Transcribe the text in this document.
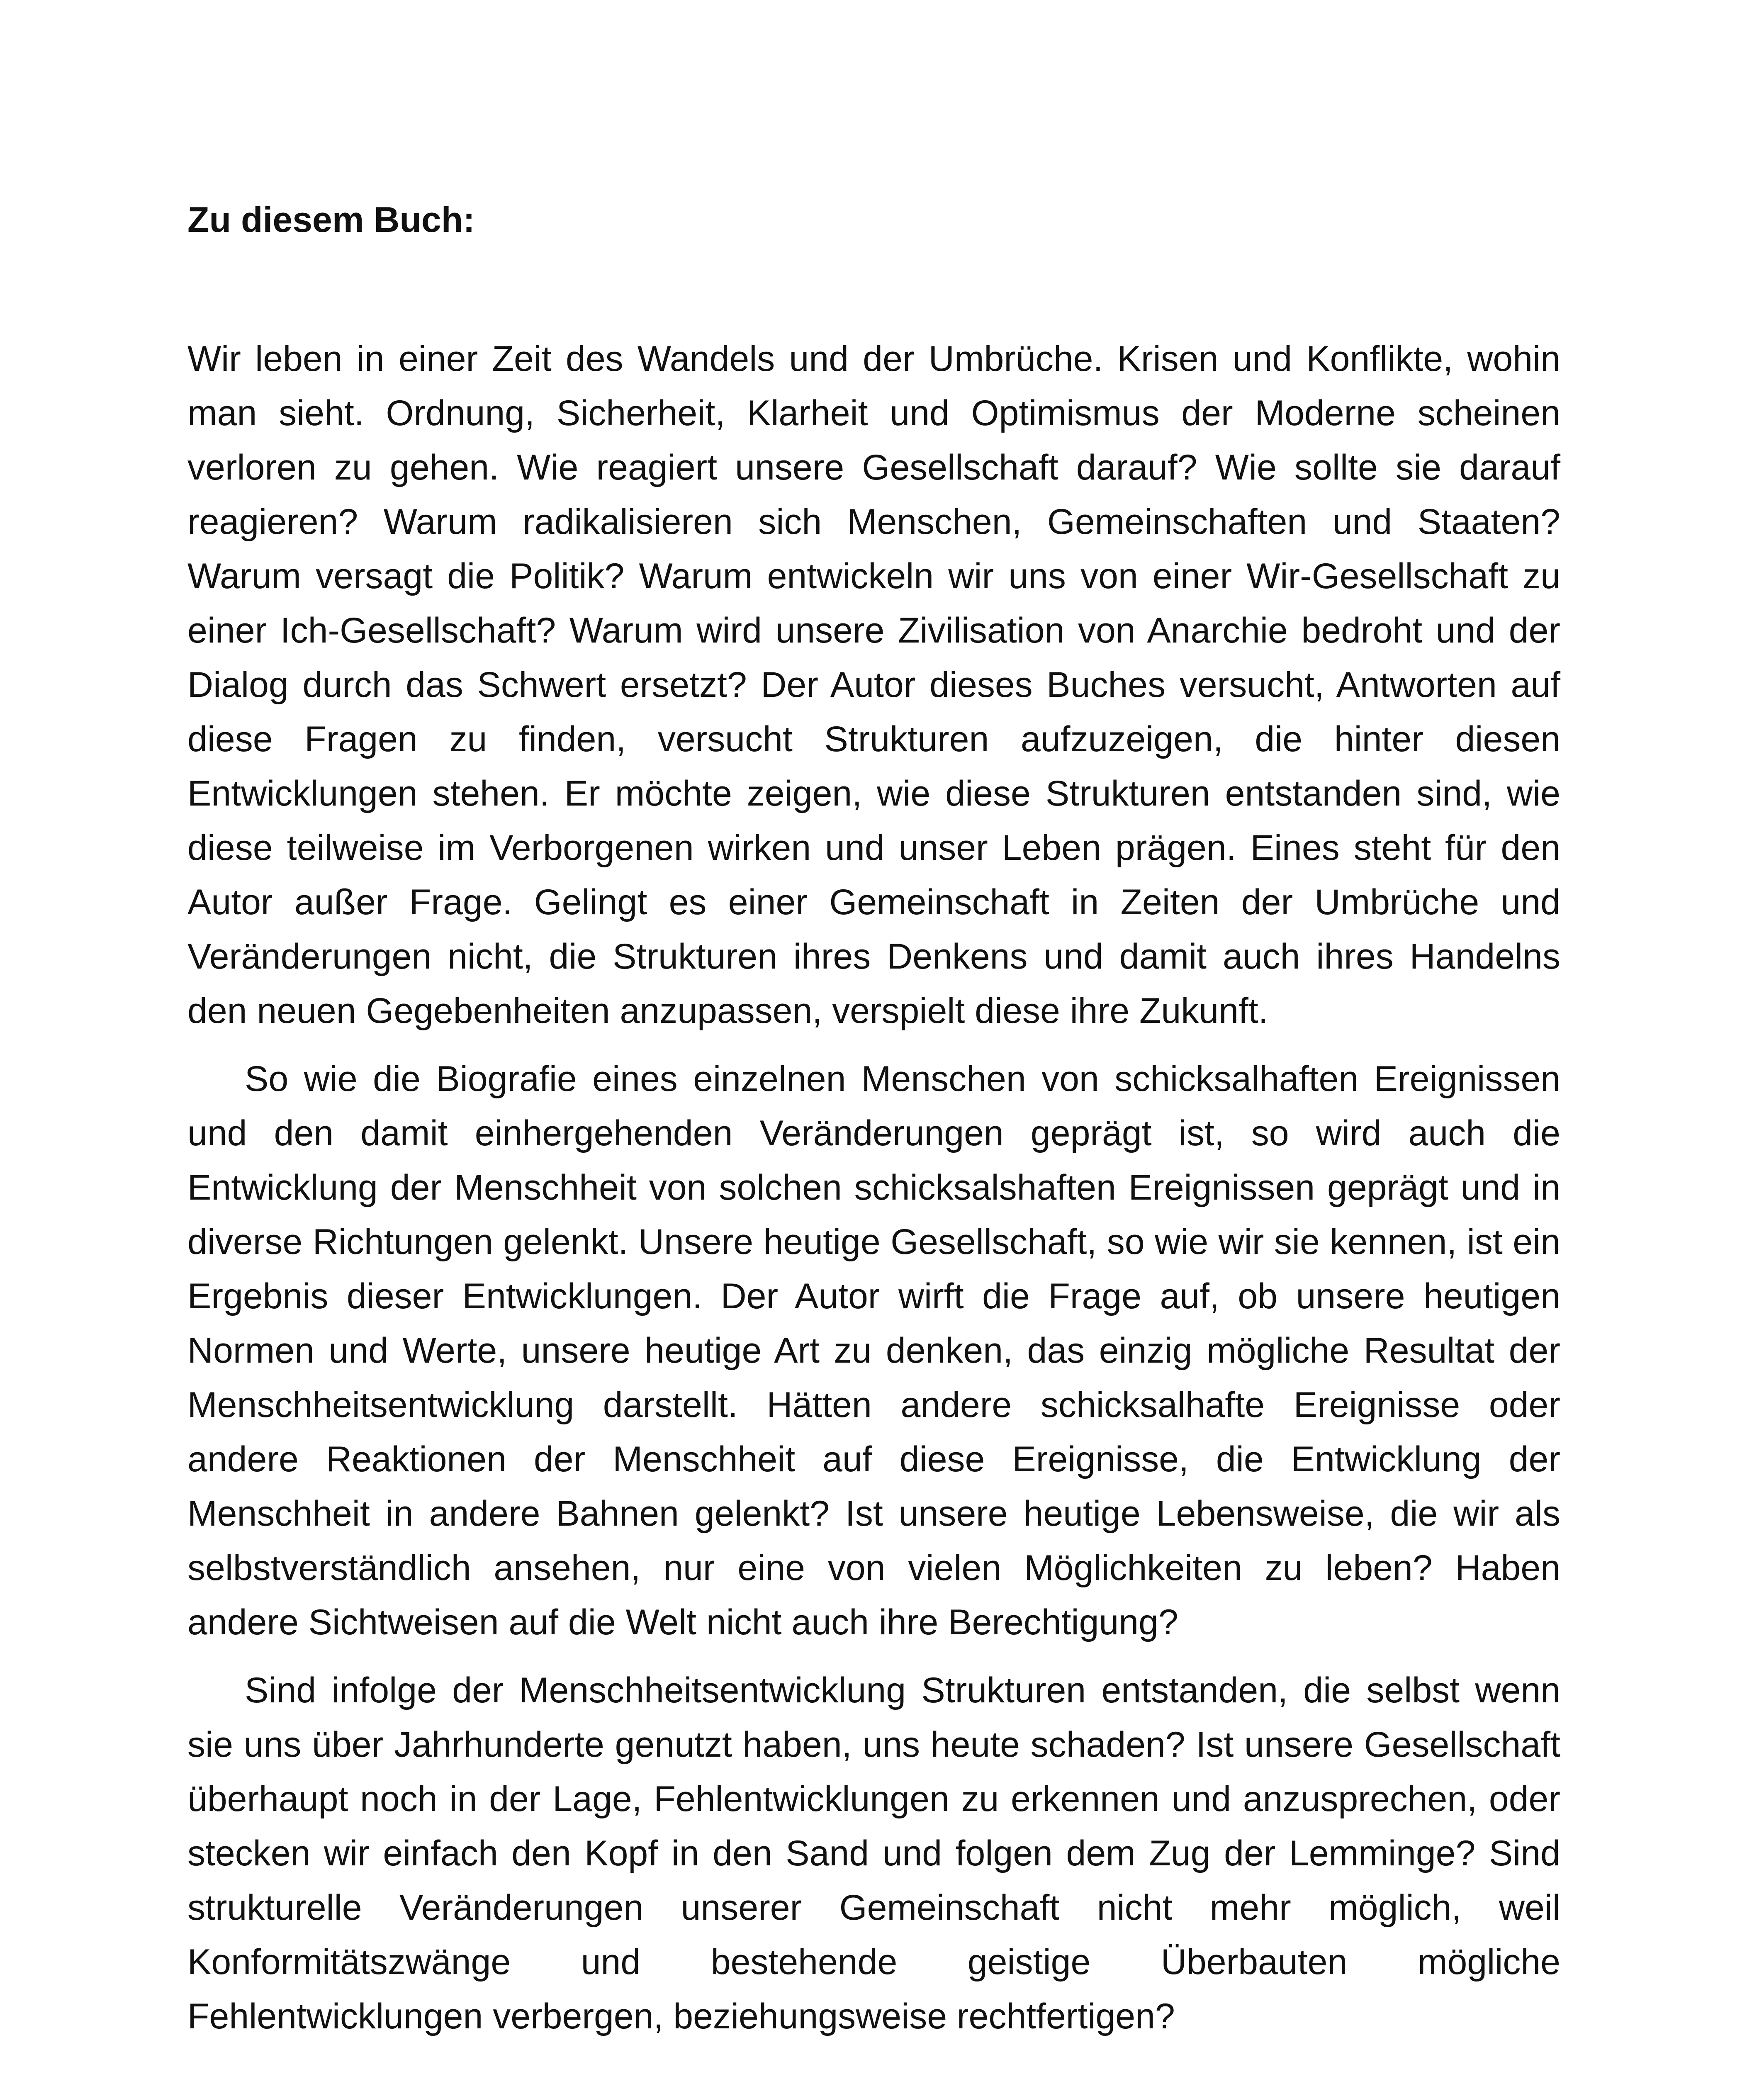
Zu diesem Buch:

Wir leben in einer Zeit des Wandels und der Umbrüche. Krisen und Konflikte, wohin man sieht. Ordnung, Sicherheit, Klarheit und Optimismus der Moderne scheinen verloren zu gehen. Wie reagiert unsere Gesellschaft darauf? Wie sollte sie darauf reagieren? Warum radikalisieren sich Menschen, Gemeinschaften und Staaten? Warum versagt die Politik? Warum entwickeln wir uns von einer Wir-Gesellschaft zu einer Ich-Gesellschaft? Warum wird unsere Zivilisation von Anarchie bedroht und der Dialog durch das Schwert ersetzt? Der Autor dieses Buches versucht, Antworten auf diese Fragen zu finden, versucht Strukturen aufzuzeigen, die hinter diesen Entwicklungen stehen. Er möchte zeigen, wie diese Strukturen entstanden sind, wie diese teilweise im Verborgenen wirken und unser Leben prägen. Eines steht für den Autor außer Frage. Gelingt es einer Gemeinschaft in Zeiten der Umbrüche und Veränderungen nicht, die Strukturen ihres Denkens und damit auch ihres Handelns den neuen Gegebenheiten anzupassen, verspielt diese ihre Zukunft.

So wie die Biografie eines einzelnen Menschen von schicksalhaften Ereignissen und den damit einhergehenden Veränderungen geprägt ist, so wird auch die Entwicklung der Menschheit von solchen schicksalshaften Ereignissen geprägt und in diverse Richtungen gelenkt. Unsere heutige Gesellschaft, so wie wir sie kennen, ist ein Ergebnis dieser Entwicklungen. Der Autor wirft die Frage auf, ob unsere heutigen Normen und Werte, unsere heutige Art zu denken, das einzig mögliche Resultat der Menschheitsentwicklung darstellt. Hätten andere schicksalhafte Ereignisse oder andere Reaktionen der Menschheit auf diese Ereignisse, die Entwicklung der Menschheit in andere Bahnen gelenkt? Ist unsere heutige Lebensweise, die wir als selbstverständlich ansehen, nur eine von vielen Möglichkeiten zu leben? Haben andere Sichtweisen auf die Welt nicht auch ihre Berechtigung?

Sind infolge der Menschheitsentwicklung Strukturen entstanden, die selbst wenn sie uns über Jahrhunderte genutzt haben, uns heute schaden? Ist unsere Gesellschaft überhaupt noch in der Lage, Fehlentwicklungen zu erkennen und anzusprechen, oder stecken wir einfach den Kopf in den Sand und folgen dem Zug der Lemminge? Sind strukturelle Veränderungen unserer Gemeinschaft nicht mehr möglich, weil Konformitätszwänge und bestehende geistige Überbauten mögliche Fehlentwicklungen verbergen, beziehungsweise rechtfertigen?
